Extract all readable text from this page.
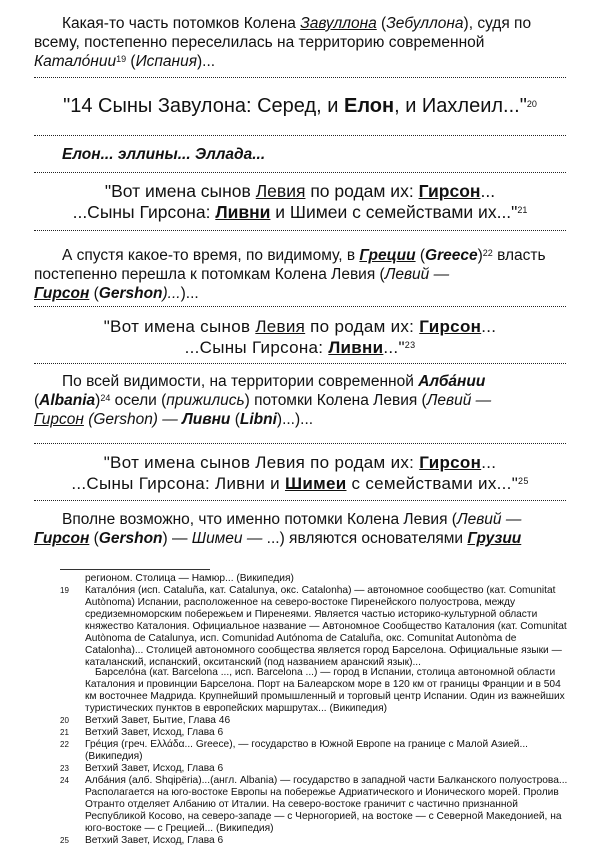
Какая-то часть потомков Колена Завуллона (Зебуллона), судя по всему, постепенно переселилась на территорию современной Катало́нии$^{19}$ (Испания)...
"14 Сыны Завулона: Серед, и Елон, и Иахлеил..."$^{20}$
Елон... эллины... Эллада...
"Вот имена сынов Левия по родам их: Гирсон...
...Сыны Гирсона: Ливни и Шимеи с семействами их..."$^{21}$
А спустя какое-то время, по видимому, в Греции (Greece)$^{22}$ власть постепенно перешла к потомкам Колена Левия (Левий —
Гирсон (Gershon)...)...
"Вот имена сынов Левия по родам их: Гирсон...
...Сыны Гирсона: Ливни..."$^{23}$
По всей видимости, на территории современной Алба́нии
(Albania)$^{24}$ осели (прижились) потомки Колена Левия (Левий —
Гирсон (Gershon) — Ливни (Libni)...)...
"Вот имена сынов Левия по родам их: Гирсон...
...Сыны Гирсона: Ливни и Шимеи с семействами их..."$^{25}$
Вполне возможно, что именно потомки Колена Левия (Левий —
Гирсон (Gershon) — Шимеи — ...) являются основателями Грузии
регионом. Столица — Намюр... (Википедия)
19 Катало́ния (исп. Cataluña, кат. Catalunya, окс. Catalonha) — автономное сообщество (кат. Comunitat Autònoma) Испании, расположенное на северо-востоке Пиренейского полуострова, между средиземноморским побережьем и Пиренеями. Является частью историко-культурной области княжество Каталония. Официальное название — Автономное Сообщество Каталония (кат. Comunitat Autònoma de Catalunya, исп. Comunidad Autónoma de Cataluña, окс. Comunitat Autonòma de Catalonha)... Столицей автономного сообщества является город Барселона. Официальные языки — каталанский, испанский, окситанский (под названием аранский язык)...
Барсело́на (кат. Barcelona ..., исп. Barcelona ...) — город в Испании, столица автономной области Каталония и провинции Барселона. Порт на Балеарском море в 120 км от границы Франции и в 504 км восточнее Мадрида. Крупнейший промышленный и торговый центр Испании. Один из важнейших туристических пунктов в европейских маршрутах... (Википедия)
20 Ветхий Завет, Бытие, Глава 46
21 Ветхий Завет, Исход, Глава 6
22 Гре́ция (греч. Ελλάδα... Greece), — государство в Южной Европе на границе с Малой Азией... (Википедия)
23 Ветхий Завет, Исход, Глава 6
24 Алба́ния (алб. Shqipëria)...(англ. Albania) — государство в западной части Балканского полуострова... Располагается на юго-востоке Европы на побережье Адриатического и Ионического морей. Пролив Отранто отделяет Албанию от Италии. На северо-востоке граничит с частично признанной Республикой Косово, на северо-западе — с Черногорией, на востоке — с Северной Македонией, на юго-востоке — с Грецией... (Википедия)
25 Ветхий Завет, Исход, Глава 6
